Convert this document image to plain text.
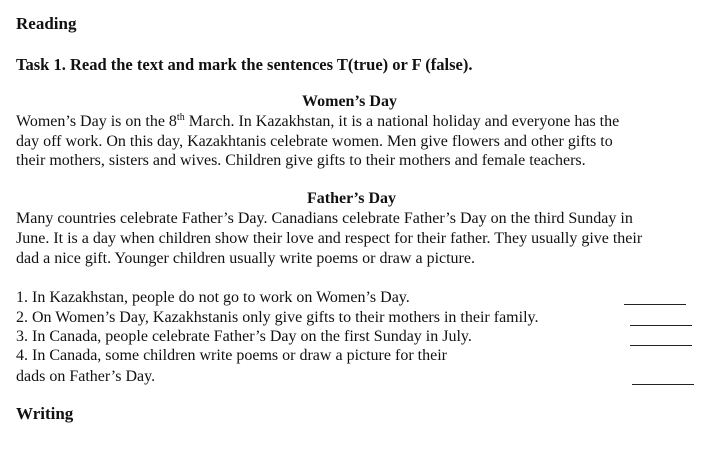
Reading
Task 1. Read the text and mark the sentences T(true) or F (false).
Women’s Day
Women’s Day is on the 8th March. In Kazakhstan, it is a national holiday and everyone has the
day off work. On this day, Kazakhtanis celebrate women. Men give flowers and other gifts to
their mothers, sisters and wives. Children give gifts to their mothers and female teachers.
Father’s Day
Many countries celebrate Father’s Day. Canadians celebrate Father’s Day on the third Sunday in
June. It is a day when children show their love and respect for their father. They usually give their
dad a nice gift. Younger children usually write poems or draw a picture.
1. In Kazakhstan, people do not go to work on Women’s Day.
2. On Women’s Day, Kazakhstanis only give gifts to their mothers in their family.
3. In Canada, people celebrate Father’s Day on the first Sunday in July.
4. In Canada, some children write poems or draw a picture for their
dads on Father’s Day.
Writing
